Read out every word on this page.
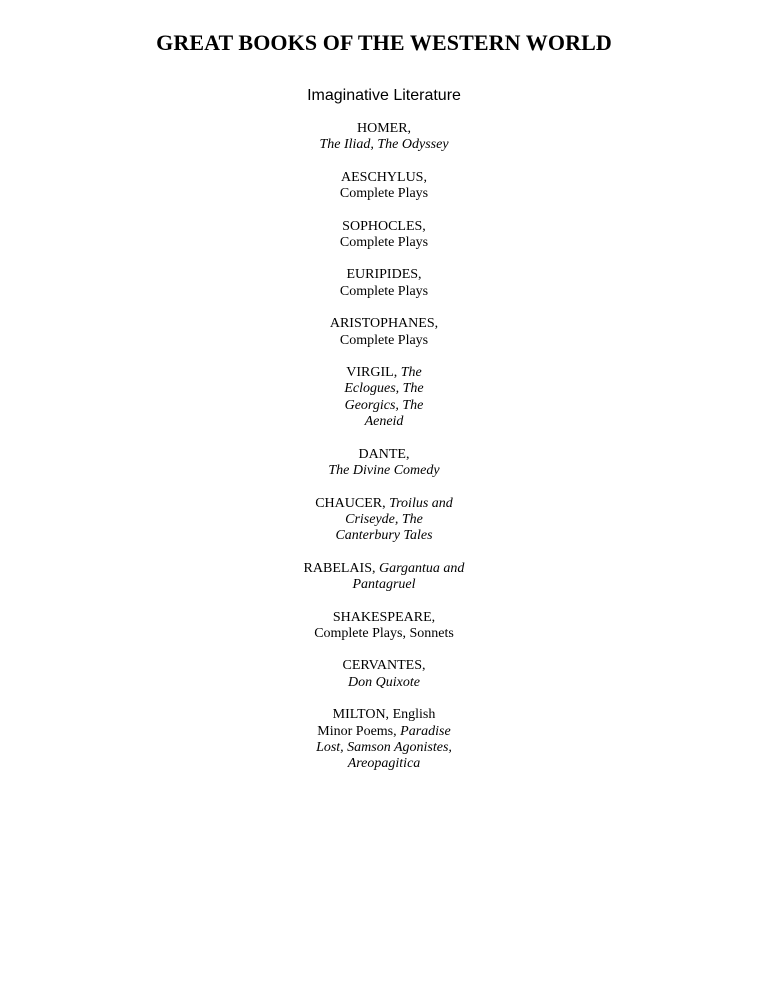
GREAT BOOKS OF THE WESTERN WORLD
Imaginative Literature
HOMER,
The Iliad, The Odyssey
AESCHYLUS,
Complete Plays
SOPHOCLES,
Complete Plays
EURIPIDES,
Complete Plays
ARISTOPHANES,
Complete Plays
VIRGIL, The Eclogues, The Georgics, The Aeneid
DANTE,
The Divine Comedy
CHAUCER, Troilus and Criseyde, The Canterbury Tales
RABELAIS, Gargantua and Pantagruel
SHAKESPEARE,
Complete Plays, Sonnets
CERVANTES,
Don Quixote
MILTON, English Minor Poems, Paradise Lost, Samson Agonistes, Areopagitica
